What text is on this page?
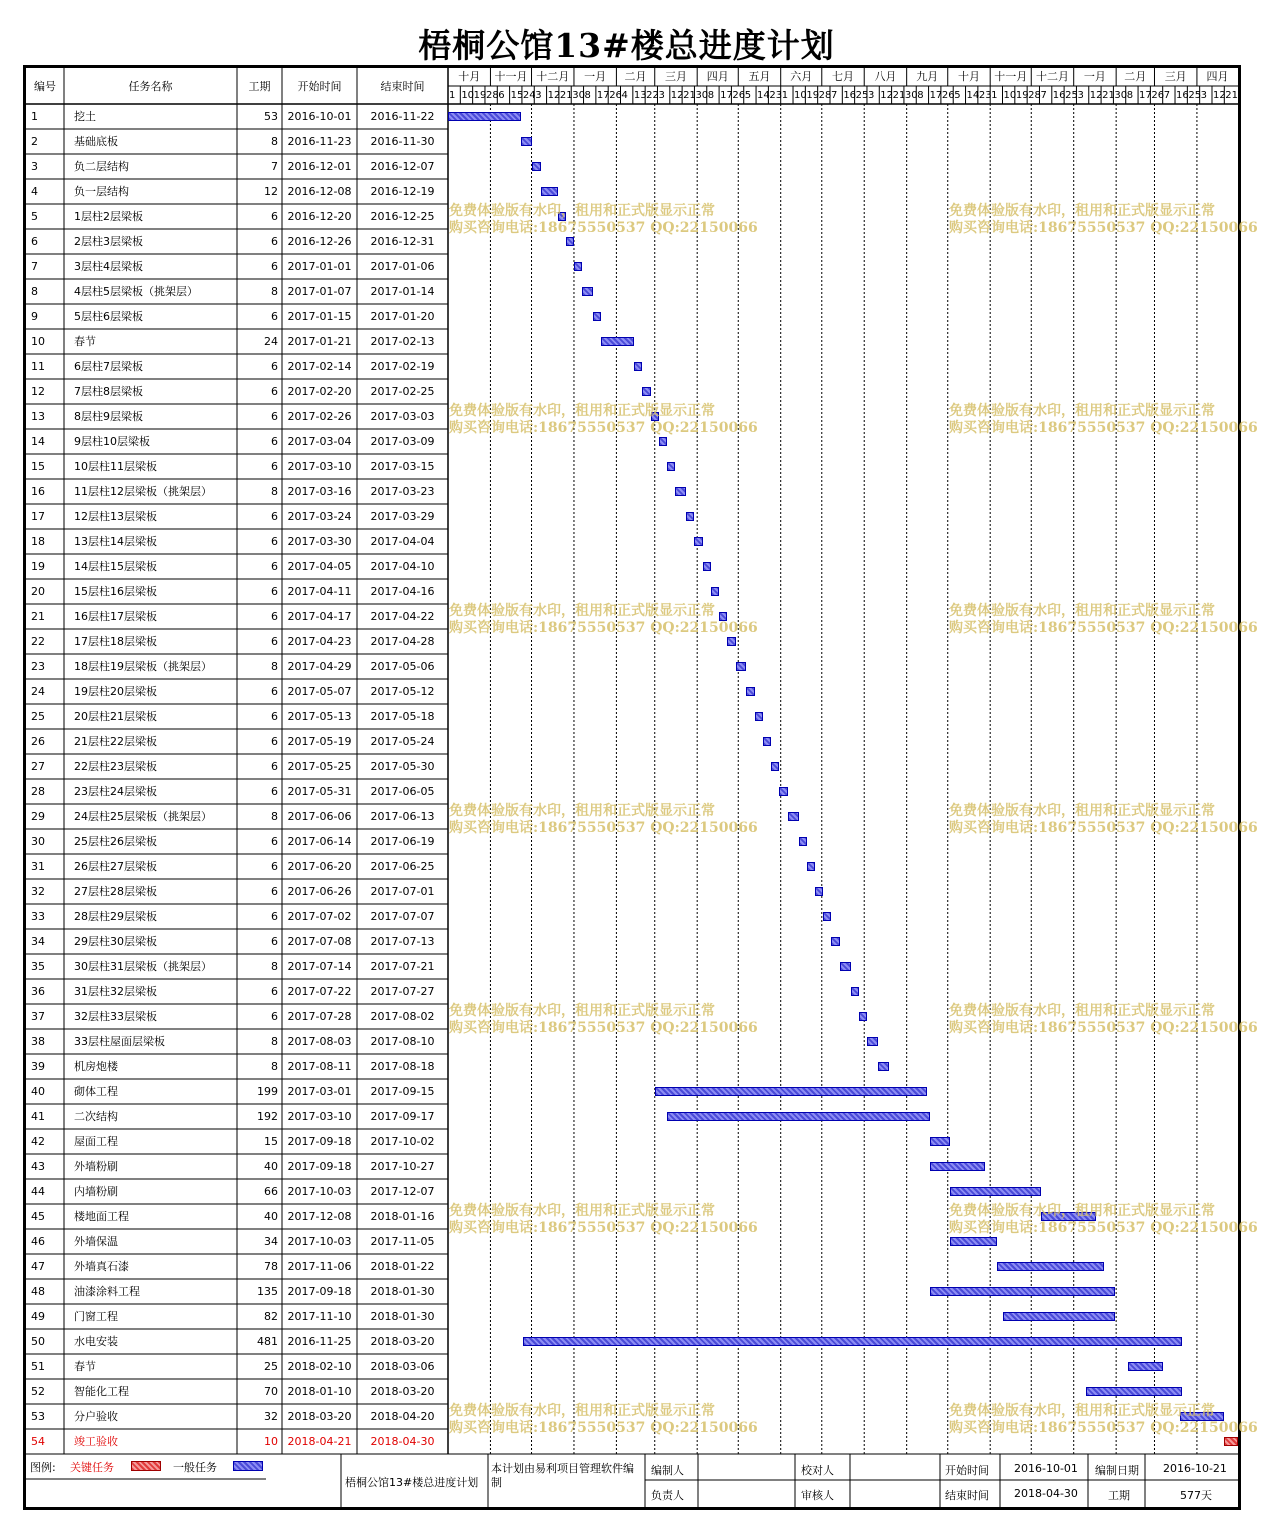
梧桐公馆13#楼总进度计划
编号	任务名称	工期	开始时间	结束时间
十月	十一月 十二月	一月	二月	三月	四月	五月	六月	七月	八月	九月	十月	十一月 十二月	一月	二月	三月	四月
1 10 19 28 6 15 24 3 12 21 30 8 17 26 4 13 22 3 12 21 30 8 17 26 5 14 23 1 10 19 28 7 16 25 3 12 21 30 8 17 26 5 14 23 1 10 19 28 7 16 25 3 12 21 30 8 17 26 7 16 25 3 12 21
1	挖土	53 2016-10-01	2016-11-22
2	基础底板	8 2016-11-23	2016-11-30
3	负二层结构	7 2016-12-01	2016-12-07
4	负一层结构	12 2016-12-08	2016-12-19
5	1层柱2层梁板	6 2016-12-20	2016-12-25
6	2层柱3层梁板	6 2016-12-26	2016-12-31
7	3层柱4层梁板	6 2017-01-01	2017-01-06
8	4层柱5层梁板（挑架层）	8 2017-01-07	2017-01-14
9	5层柱6层梁板	6 2017-01-15	2017-01-20
10	春节	24 2017-01-21	2017-02-13
11	6层柱7层梁板	6 2017-02-14	2017-02-19
12	7层柱8层梁板	6 2017-02-20	2017-02-25
13	8层柱9层梁板	6 2017-02-26	2017-03-03
14	9层柱10层梁板	6 2017-03-04	2017-03-09
15	10层柱11层梁板	6 2017-03-10	2017-03-15
16	11层柱12层梁板（挑架层）	8 2017-03-16	2017-03-23
17	12层柱13层梁板	6 2017-03-24	2017-03-29
18	13层柱14层梁板	6 2017-03-30	2017-04-04
19	14层柱15层梁板	6 2017-04-05	2017-04-10
20	15层柱16层梁板	6 2017-04-11	2017-04-16
21	16层柱17层梁板	6 2017-04-17	2017-04-22
22	17层柱18层梁板	6 2017-04-23	2017-04-28
23	18层柱19层梁板（挑架层）	8 2017-04-29	2017-05-06
24	19层柱20层梁板	6 2017-05-07	2017-05-12
25	20层柱21层梁板	6 2017-05-13	2017-05-18
26	21层柱22层梁板	6 2017-05-19	2017-05-24
27	22层柱23层梁板	6 2017-05-25	2017-05-30
28	23层柱24层梁板	6 2017-05-31	2017-06-05
29	24层柱25层梁板（挑架层）	8 2017-06-06	2017-06-13
30	25层柱26层梁板	6 2017-06-14	2017-06-19
31	26层柱27层梁板	6 2017-06-20	2017-06-25
32	27层柱28层梁板	6 2017-06-26	2017-07-01
33	28层柱29层梁板	6 2017-07-02	2017-07-07
34	29层柱30层梁板	6 2017-07-08	2017-07-13
35	30层柱31层梁板（挑架层）	8 2017-07-14	2017-07-21
36	31层柱32层梁板	6 2017-07-22	2017-07-27
37	32层柱33层梁板	6 2017-07-28	2017-08-02
38	33层柱屋面层梁板	8 2017-08-03	2017-08-10
39	机房炮楼	8 2017-08-11	2017-08-18
40	砌体工程	199 2017-03-01	2017-09-15
41	二次结构	192 2017-03-10	2017-09-17
42	屋面工程	15 2017-09-18	2017-10-02
43	外墙粉刷	40 2017-09-18	2017-10-27
44	内墙粉刷	66 2017-10-03	2017-12-07
45	楼地面工程	40 2017-12-08	2018-01-16
46	外墙保温	34 2017-10-03	2017-11-05
47	外墙真石漆	78 2017-11-06	2018-01-22
48	油漆涂料工程	135 2017-09-18	2018-01-30
49	门窗工程	82 2017-11-10	2018-01-30
50	水电安装	481 2016-11-25	2018-03-20
51	春节	25 2018-02-10	2018-03-06
52	智能化工程	70 2018-01-10	2018-03-20
53	分户验收	32 2018-03-20	2018-04-20
54	竣工验收	10 2018-04-21	2018-04-30
免费体验版有水印，租用和正式版显示正常
购买咨询电话:18675550537 QQ:22150066
免费体验版有水印，租用和正式版显示正常
购买咨询电话:18675550537 QQ:22150066
免费体验版有水印，租用和正式版显示正常
购买咨询电话:18675550537 QQ:22150066
免费体验版有水印，租用和正式版显示正常
购买咨询电话:18675550537 QQ:22150066
免费体验版有水印，租用和正式版显示正常
购买咨询电话:18675550537 QQ:22150066
免费体验版有水印，租用和正式版显示正常
购买咨询电话:18675550537 QQ:22150066
免费体验版有水印，租用和正式版显示正常
购买咨询电话:18675550537 QQ:22150066
免费体验版有水印，租用和正式版显示正常
购买咨询电话:18675550537 QQ:22150066
免费体验版有水印，租用和正式版显示正常
购买咨询电话:18675550537 QQ:22150066
免费体验版有水印，租用和正式版显示正常
购买咨询电话:18675550537 QQ:22150066
免费体验版有水印，租用和正式版显示正常
购买咨询电话:18675550537 QQ:22150066
免费体验版有水印，租用和正式版显示正常
购买咨询电话:18675550537 QQ:22150066
免费体验版有水印，租用和正式版显示正常
购买咨询电话:18675550537 QQ:22150066
免费体验版有水印，租用和正式版显示正常
购买咨询电话:18675550537 QQ:22150066
图例: 关键任务	一般任务
梧桐公馆13#楼总进度计划
本计划由易利项目管理软件编制
编制人
负责人
校对人
审核人
开始时间 2016-10-01
结束时间 2018-04-30
编制日期 2016-10-21
工期	577天
